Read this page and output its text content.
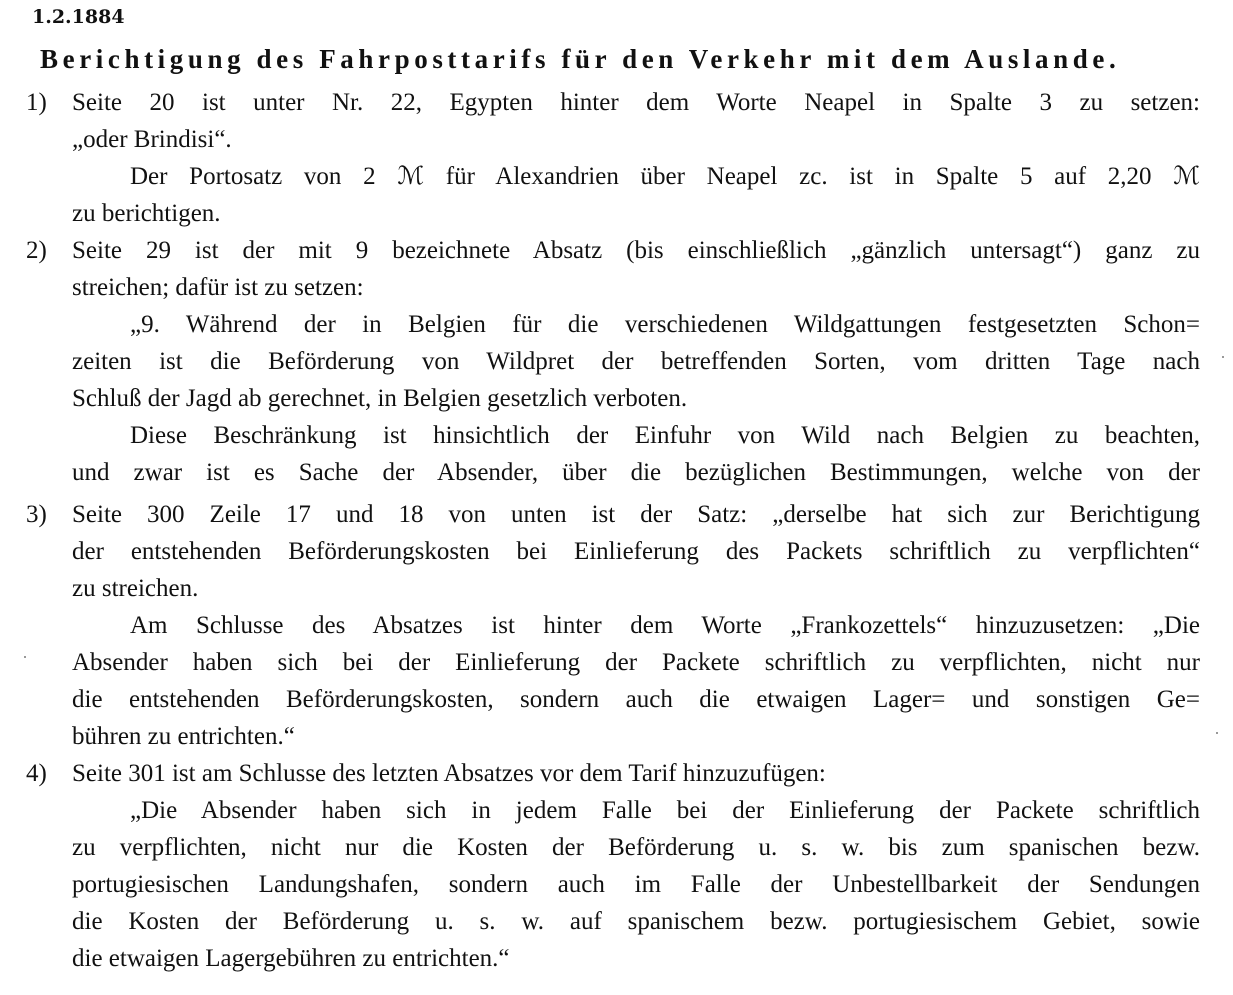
1.2.1884
Berichtigung des Fahrposttarifs für den Verkehr mit dem Auslande.
1) Seite 20 ist unter Nr. 22, Egypten hinter dem Worte Neapel in Spalte 3 zu setzen:
„oder Brindisi“.
Der Portosatz von 2 ℳ für Alexandrien über Neapel zc. ist in Spalte 5 auf 2,20 ℳ
zu berichtigen.
2) Seite 29 ist der mit 9 bezeichnete Absatz (bis einschließlich „gänzlich untersagt“) ganz zu
streichen; dafür ist zu setzen:
„9. Während der in Belgien für die verschiedenen Wildgattungen festgesetzten Schon=
zeiten ist die Beförderung von Wildpret der betreffenden Sorten, vom dritten Tage nach
Schluß der Jagd ab gerechnet, in Belgien gesetzlich verboten.
Diese Beschränkung ist hinsichtlich der Einfuhr von Wild nach Belgien zu beachten,
und zwar ist es Sache der Absender, über die bezüglichen Bestimmungen, welche von der
3) Seite 300 Zeile 17 und 18 von unten ist der Satz: „derselbe hat sich zur Berichtigung
der entstehenden Beförderungskosten bei Einlieferung des Packets schriftlich zu verpflichten“
zu streichen.
Am Schlusse des Absatzes ist hinter dem Worte „Frankozettels“ hinzuzusetzen: „Die
Absender haben sich bei der Einlieferung der Packete schriftlich zu verpflichten, nicht nur
die entstehenden Beförderungskosten, sondern auch die etwaigen Lager= und sonstigen Ge=
bühren zu entrichten.“
4) Seite 301 ist am Schlusse des letzten Absatzes vor dem Tarif hinzuzufügen:
„Die Absender haben sich in jedem Falle bei der Einlieferung der Packete schriftlich
zu verpflichten, nicht nur die Kosten der Beförderung u. s. w. bis zum spanischen bezw.
portugiesischen Landungshafen, sondern auch im Falle der Unbestellbarkeit der Sendungen
die Kosten der Beförderung u. s. w. auf spanischem bezw. portugiesischem Gebiet, sowie
die etwaigen Lagergebühren zu entrichten.“
